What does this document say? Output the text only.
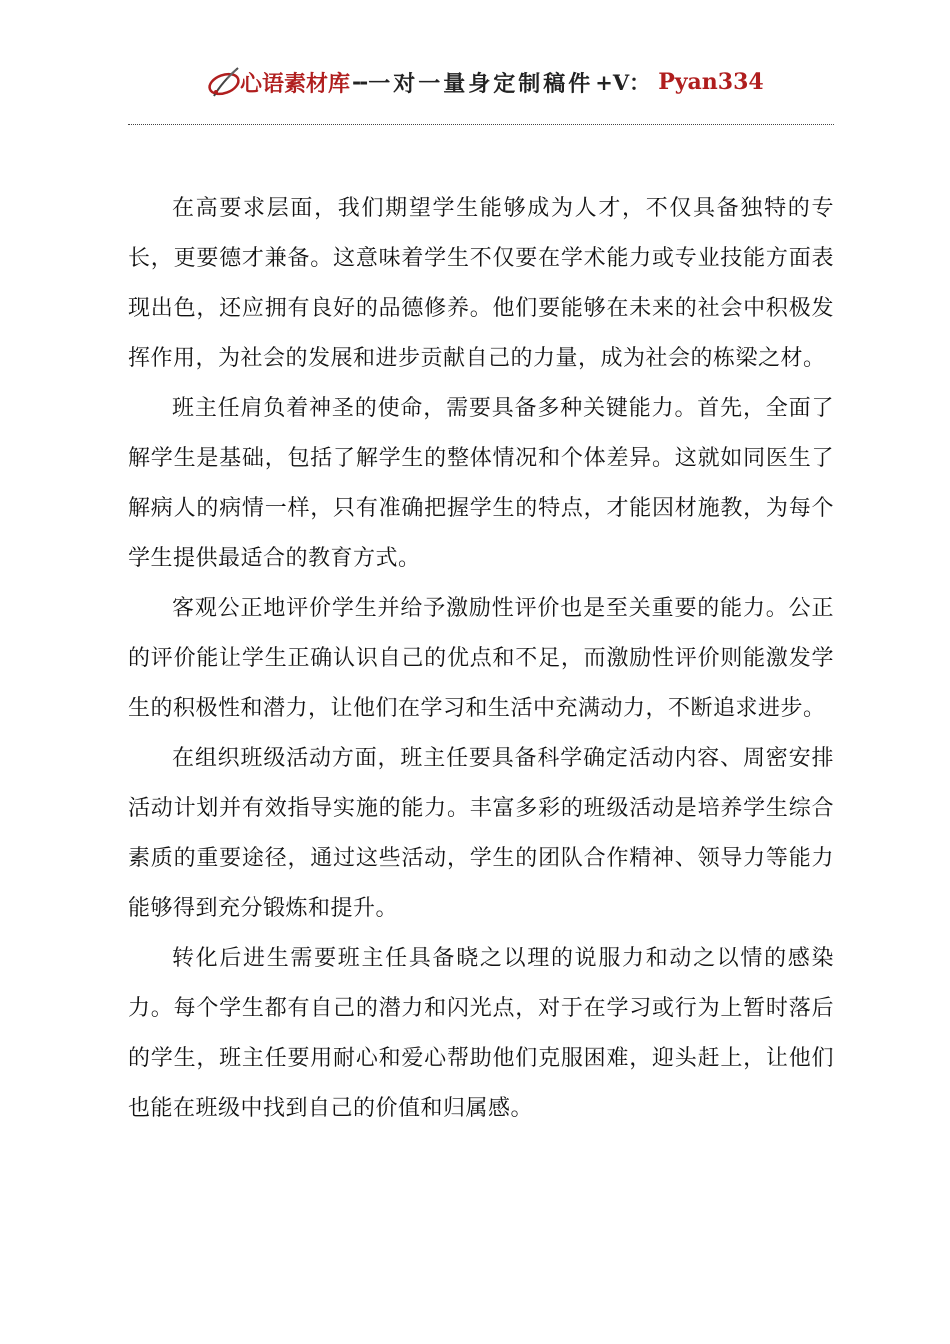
心语素材库 -- 一对一量身定制稿件 +V： Pyan334

在高要求层面，我们期望学生能够成为人才，不仅具备独特的专长，更要德才兼备。这意味着学生不仅要在学术能力或专业技能方面表现出色，还应拥有良好的品德修养。他们要能够在未来的社会中积极发挥作用，为社会的发展和进步贡献自己的力量，成为社会的栋梁之材。

班主任肩负着神圣的使命，需要具备多种关键能力。首先，全面了解学生是基础，包括了解学生的整体情况和个体差异。这就如同医生了解病人的病情一样，只有准确把握学生的特点，才能因材施教，为每个学生提供最适合的教育方式。

客观公正地评价学生并给予激励性评价也是至关重要的能力。公正的评价能让学生正确认识自己的优点和不足，而激励性评价则能激发学生的积极性和潜力，让他们在学习和生活中充满动力，不断追求进步。

在组织班级活动方面，班主任要具备科学确定活动内容、周密安排活动计划并有效指导实施的能力。丰富多彩的班级活动是培养学生综合素质的重要途径，通过这些活动，学生的团队合作精神、领导力等能力能够得到充分锻炼和提升。

转化后进生需要班主任具备晓之以理的说服力和动之以情的感染力。每个学生都有自己的潜力和闪光点，对于在学习或行为上暂时落后的学生，班主任要用耐心和爱心帮助他们克服困难，迎头赶上，让他们也能在班级中找到自己的价值和归属感。
